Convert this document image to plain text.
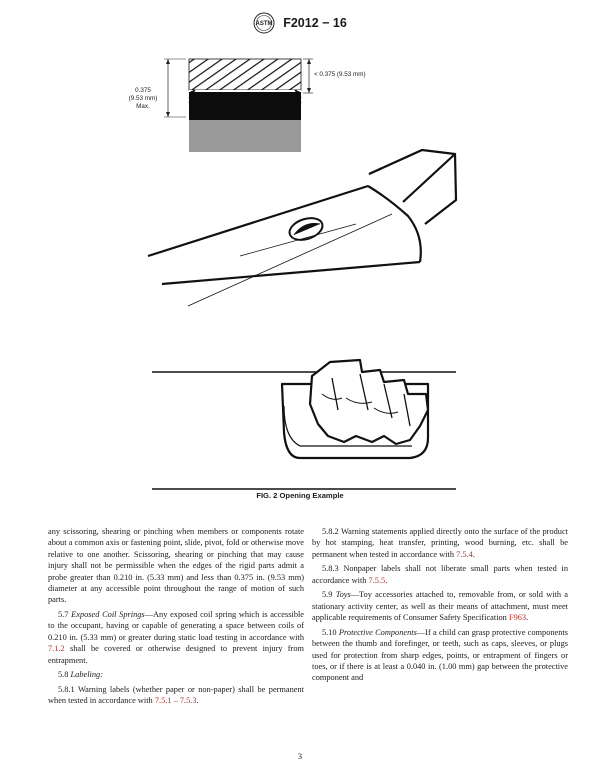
ASTM F2012 − 16
0.375
(9.53 mm)
Max.
< 0.375 (9.53 mm)
FIG. 2 Opening Example

any scissoring, shearing or pinching when members or components rotate about a common axis or fastening point, slide, pivot, fold or otherwise move relative to one another. Scissoring, shearing or pinching that may cause injury shall not be permissible when the edges of the rigid parts admit a probe greater than 0.210 in. (5.33 mm) and less than 0.375 in. (9.53 mm) diameter at any accessible point throughout the range of motion of such parts.

5.7 Exposed Coil Springs—Any exposed coil spring which is accessible to the occupant, having or capable of generating a space between coils of 0.210 in. (5.33 mm) or greater during static load testing in accordance with 7.1.2 shall be covered or otherwise designed to prevent injury from entrapment.

5.8 Labeling:

5.8.1 Warning labels (whether paper or non-paper) shall be permanent when tested in accordance with 7.5.1 – 7.5.3.

5.8.2 Warning statements applied directly onto the surface of the product by hot stamping, heat transfer, printing, wood burning, etc. shall be permanent when tested in accordance with 7.5.4.

5.8.3 Nonpaper labels shall not liberate small parts when tested in accordance with 7.5.5.

5.9 Toys—Toy accessories attached to, removable from, or sold with a stationary activity center, as well as their means of attachment, must meet applicable requirements of Consumer Safety Specification F963.

5.10 Protective Components—If a child can grasp protective components between the thumb and forefinger, or teeth, such as caps, sleeves, or plugs used for protection from sharp edges, points, or entrapment of fingers or toes, or if there is at least a 0.040 in. (1.00 mm) gap between the protective component and

3
